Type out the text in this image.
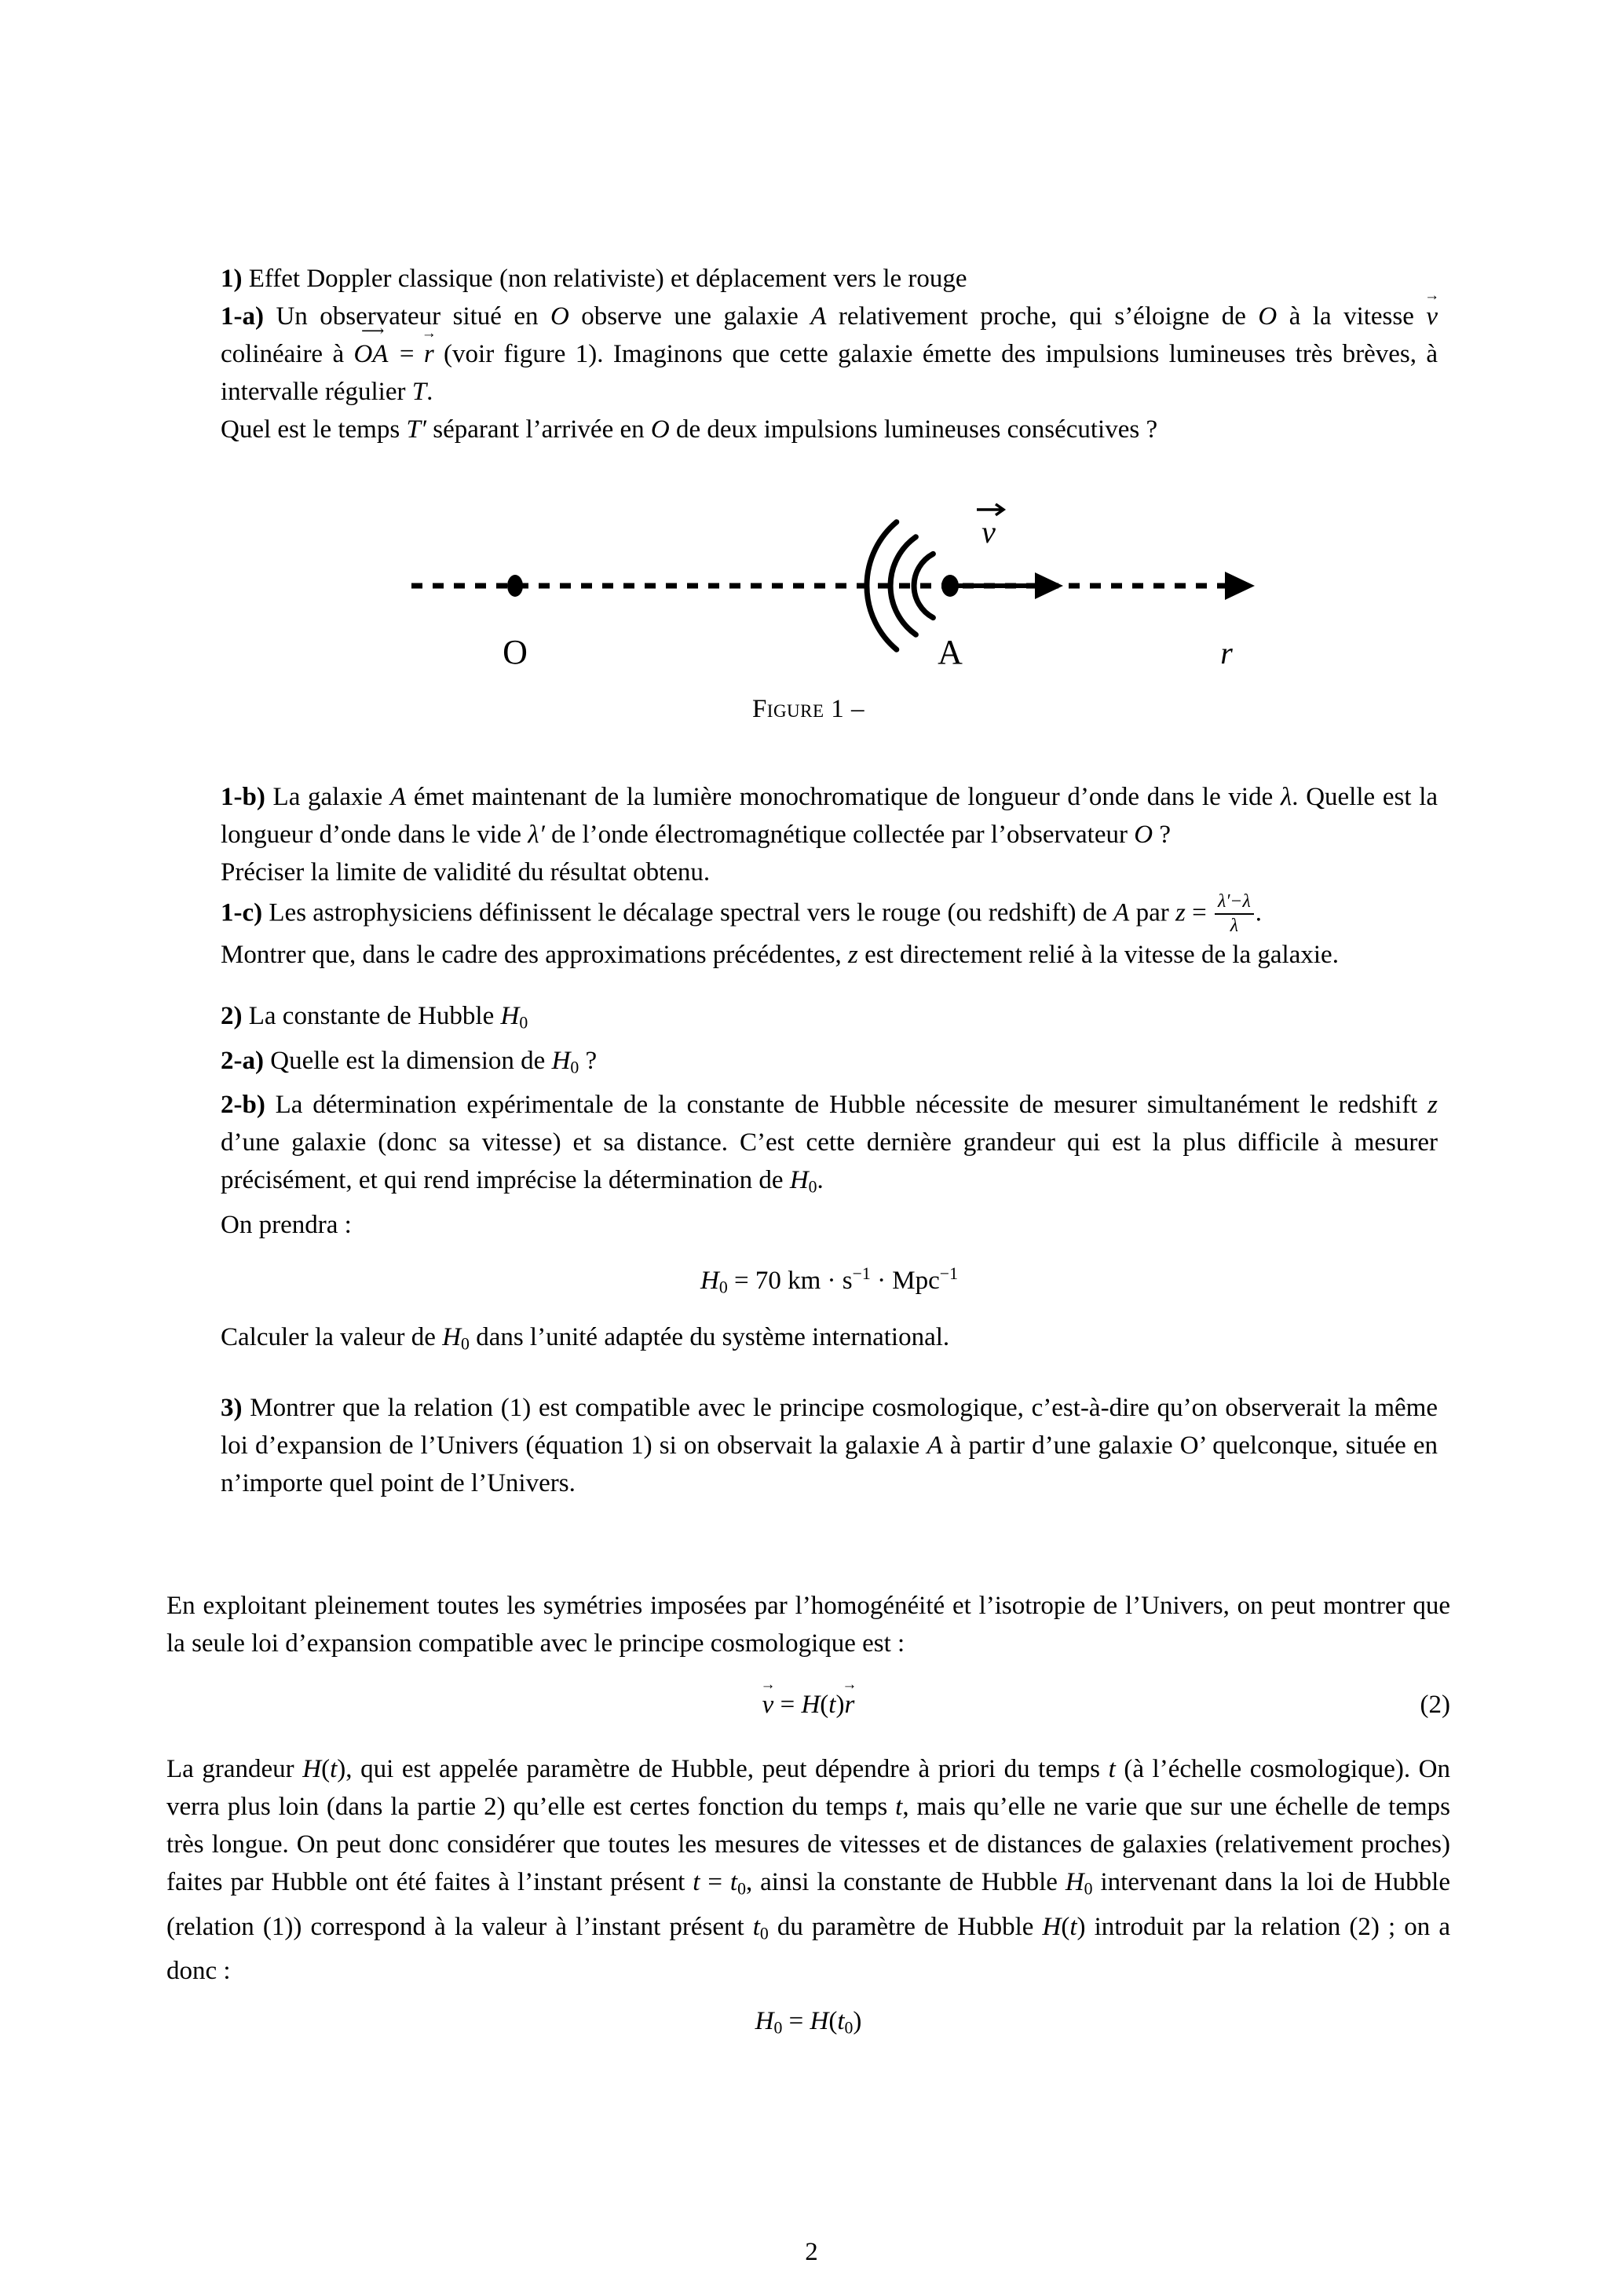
1) Effet Doppler classique (non relativiste) et déplacement vers le rouge

1-a) Un observateur situé en O observe une galaxie A relativement proche, qui s’éloigne de O à la vitesse v → colinéaire à OA ⟶ = r → (voir figure 1). Imaginons que cette galaxie émette des impulsions lumineuses très brèves, à intervalle régulier T.

Quel est le temps T′ séparant l’arrivée en O de deux impulsions lumineuses consécutives ?

v
O	A	r
Figure 1 –

1-b) La galaxie A émet maintenant de la lumière monochromatique de longueur d’onde dans le vide λ. Quelle est la longueur d’onde dans le vide λ′ de l’onde électromagnétique collectée par l’observateur O ?

Préciser la limite de validité du résultat obtenu.

1-c) Les astrophysiciens définissent le décalage spectral vers le rouge (ou redshift) de A par $z = \frac{\lambda'-\lambda}{\lambda}$ .

Montrer que, dans le cadre des approximations précédentes, z est directement relié à la vitesse de la galaxie.

2) La constante de Hubble H0

2-a) Quelle est la dimension de H0 ?

2-b) La détermination expérimentale de la constante de Hubble nécessite de mesurer simultanément le redshift z d’une galaxie (donc sa vitesse) et sa distance. C’est cette dernière grandeur qui est la plus difficile à mesurer précisément, et qui rend imprécise la détermination de H0.

On prendra :

H0 = 70 km · $s^{-1} \cdot Mpc^{-1}$

Calculer la valeur de H0 dans l’unité adaptée du système international.

3) Montrer que la relation (1) est compatible avec le principe cosmologique, c’est-à-dire qu’on observerait la même loi d’expansion de l’Univers (équation 1) si on observait la galaxie A à partir d’une galaxie O’ quelconque, située en n’importe quel point de l’Univers.

En exploitant pleinement toutes les symétries imposées par l’homogénéité et l’isotropie de l’Univers, on peut montrer que la seule loi d’expansion compatible avec le principe cosmologique est :

v → = H(t)r →	(2)

La grandeur H(t), qui est appelée paramètre de Hubble, peut dépendre à priori du temps t (à l’échelle cosmologique). On verra plus loin (dans la partie 2) qu’elle est certes fonction du temps t, mais qu’elle ne varie que sur une échelle de temps très longue. On peut donc considérer que toutes les mesures de vitesses et de distances de galaxies (relativement proches) faites par Hubble ont été faites à l’instant présent t = t0, ainsi la constante de Hubble H0 intervenant dans la loi de Hubble (relation (1)) correspond à la valeur à l’instant présent t0 du paramètre de Hubble H(t) introduit par la relation (2) ; on a donc :

H0 = H(t0)
2
